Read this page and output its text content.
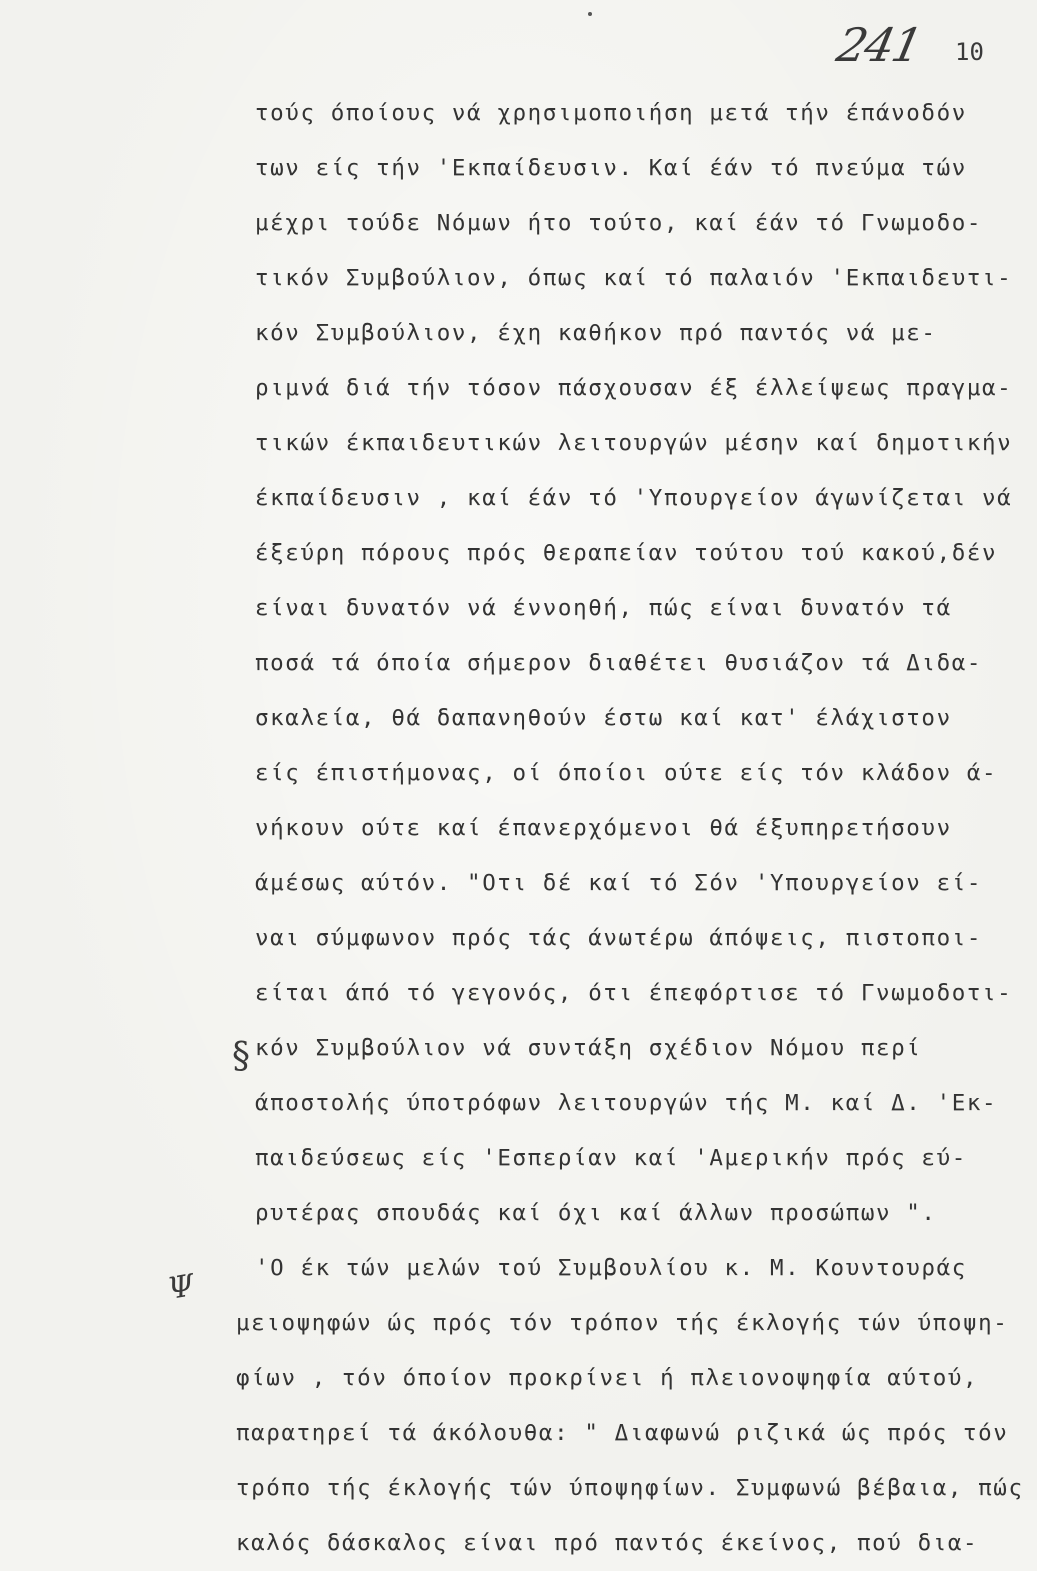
241 10
§
Ψ
τούς όποίους νά χρησιμοποιήση μετά τήν έπάνοδόν
των είς τήν 'Εκπαίδευσιν. Καί έάν τό πνεύμα τών
μέχρι τούδε Νόμων ήτο τούτο, καί έάν τό Γνωμοδο-
τικόν Συμβούλιον, όπως καί τό παλαιόν 'Εκπαιδευτι-
κόν Συμβούλιον, έχη καθήκον πρό παντός νά με-
ριμνά διά τήν τόσον πάσχουσαν έξ έλλείψεως πραγμα-
τικών έκπαιδευτικών λειτουργών μέσην καί δημοτικήν
έκπαίδευσιν , καί έάν τό 'Υπουργείον άγωνίζεται νά
έξεύρη πόρους πρός θεραπείαν τούτου τού κακού,δέν
είναι δυνατόν νά έννοηθή, πώς είναι δυνατόν τά
ποσά τά όποία σήμερον διαθέτει θυσιάζον τά Διδα-
σκαλεία, θά δαπανηθούν έστω καί κατ' έλάχιστον
είς έπιστήμονας, οί όποίοι ούτε είς τόν κλάδον ά-
νήκουν ούτε καί έπανερχόμενοι θά έξυπηρετήσουν
άμέσως αύτόν. "Οτι δέ καί τό Σόν 'Υπουργείον εί-
ναι σύμφωνον πρός τάς άνωτέρω άπόψεις, πιστοποι-
είται άπό τό γεγονός, ότι έπεφόρτισε τό Γνωμοδοτι-
κόν Συμβούλιον νά συντάξη σχέδιον Νόμου περί
άποστολής ύποτρόφων λειτουργών τής Μ. καί Δ. 'Εκ-
παιδεύσεως είς 'Εσπερίαν καί 'Αμερικήν πρός εύ-
ρυτέρας σπουδάς καί όχι καί άλλων προσώπων ".
'Ο έκ τών μελών τού Συμβουλίου κ. Μ. Κουντουράς
μειοψηφών ώς πρός τόν τρόπον τής έκλογής τών ύποψη-
φίων , τόν όποίον προκρίνει ή πλειονοψηφία αύτού,
παρατηρεί τά άκόλουθα: " Διαφωνώ ριζικά ώς πρός τόν
τρόπο τής έκλογής τών ύποψηφίων. Συμφωνώ βέβαια, πώς
καλός δάσκαλος είναι πρό παντός έκείνος, πού δια-
